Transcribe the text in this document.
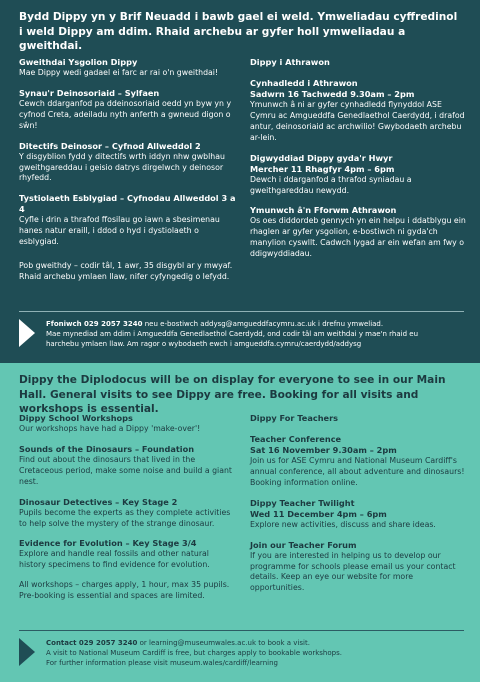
Bydd Dippy yn y Brif Neuadd i bawb gael ei weld. Ymweliadau cyffredinol i weld Dippy am ddim. Rhaid archebu ar gyfer holl ymweliadau a gweithdai.

Gweithdai Ysgolion Dippy

Mae Dippy wedi gadael ei farc ar rai o'n gweithdai!

Synau'r Deinosoriaid – Sylfaen

Cewch ddarganfod pa ddeinosoriaid oedd yn byw yn y cyfnod Creta, adeiladu nyth anferth a gwneud digon o sŵn!

Ditectifs Deinosor – Cyfnod Allweddol 2

Y disgyblion fydd y ditectifs wrth iddyn nhw gwblhau gweithgareddau i geisio datrys dirgelwch y deinosor rhyfedd.

Tystiolaeth Esblygiad – Cyfnodau Allweddol 3 a 4

Cyfle i drin a thrafod ffosilau go iawn a sbesimenau hanes natur eraill, i ddod o hyd i dystiolaeth o esblygiad.

Pob gweithdy – codir tâl, 1 awr, 35 disgybl ar y mwyaf. Rhaid archebu ymlaen llaw, nifer cyfyngedig o lefydd.

Dippy i Athrawon

Cynhadledd i Athrawon

Sadwrn 16 Tachwedd 9.30am – 2pm

Ymunwch â ni ar gyfer cynhadledd flynyddol ASE Cymru ac Amgueddfa Genedlaethol Caerdydd, i drafod antur, deinosoriaid ac archwilio! Gwybodaeth archebu ar-lein.

Digwyddiad Dippy gyda'r Hwyr

Mercher 11 Rhagfyr 4pm – 6pm

Dewch i ddarganfod a thrafod syniadau a gweithgareddau newydd.

Ymunwch â'n Fforwm Athrawon

Os oes diddordeb gennych yn ein helpu i ddatblygu ein rhaglen ar gyfer ysgolion, e-bostiwch ni gyda'ch manylion cyswllt. Cadwch lygad ar ein wefan am fwy o ddigwyddiadau.

Ffoniwch 029 2057 3240 neu e-bostiwch addysg@amgueddfacymru.ac.uk i drefnu ymweliad.
Mae mynediad am ddim i Amgueddfa Genedlaethol Caerdydd, ond codir tâl am weithdai y mae'n rhaid eu
harchebu ymlaen llaw. Am ragor o wybodaeth ewch i amgueddfa.cymru/caerdydd/addysg
Dippy the Diplodocus will be on display for everyone to see in our Main Hall. General visits to see Dippy are free. Booking for all visits and workshops is essential.

Dippy School Workshops

Our workshops have had a Dippy 'make-over'!

Sounds of the Dinosaurs – Foundation

Find out about the dinosaurs that lived in the Cretaceous period, make some noise and build a giant nest.

Dinosaur Detectives – Key Stage 2

Pupils become the experts as they complete activities to help solve the mystery of the strange dinosaur.

Evidence for Evolution – Key Stage 3/4

Explore and handle real fossils and other natural history specimens to find evidence for evolution.

All workshops – charges apply, 1 hour, max 35 pupils. Pre-booking is essential and spaces are limited.

Dippy For Teachers

Teacher Conference

Sat 16 November 9.30am – 2pm

Join us for ASE Cymru and National Museum Cardiff's annual conference, all about adventure and dinosaurs! Booking information online.

Dippy Teacher Twilight

Wed 11 December 4pm – 6pm

Explore new activities, discuss and share ideas.

Join our Teacher Forum

If you are interested in helping us to develop our programme for schools please email us your contact details. Keep an eye our website for more opportunities.

Contact 029 2057 3240 or learning@museumwales.ac.uk to book a visit.
A visit to National Museum Cardiff is free, but charges apply to bookable workshops.
For further information please visit museum.wales/cardiff/learning
